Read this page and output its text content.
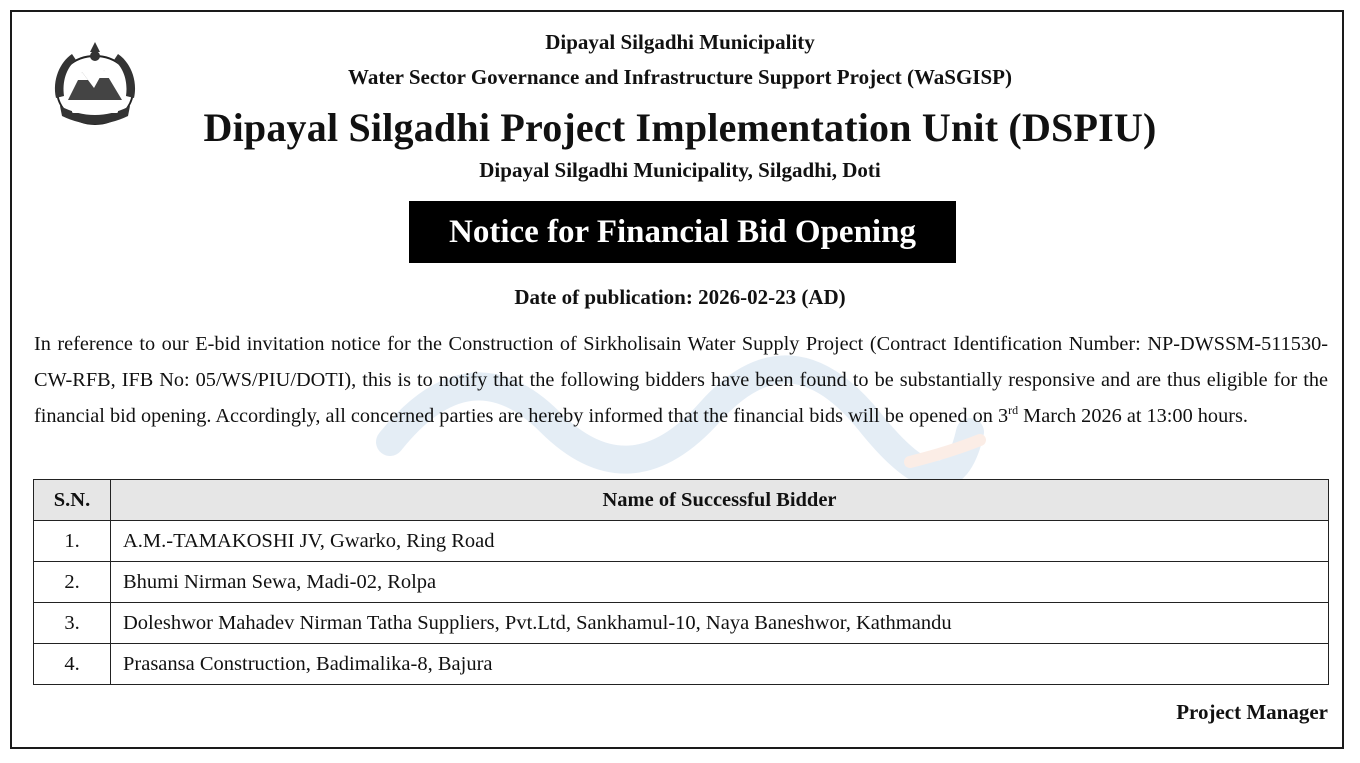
Dipayal Silgadhi Municipality
Water Sector Governance and Infrastructure Support Project (WaSGISP)
Dipayal Silgadhi Project Implementation Unit (DSPIU)
Dipayal Silgadhi Municipality, Silgadhi, Doti
Notice for Financial Bid Opening
Date of publication: 2026-02-23 (AD)
In reference to our E-bid invitation notice for the Construction of Sirkholisain Water Supply Project (Contract Identification Number: NP-DWSSM-511530-CW-RFB, IFB No: 05/WS/PIU/DOTI), this is to notify that the following bidders have been found to be substantially responsive and are thus eligible for the financial bid opening. Accordingly, all concerned parties are hereby informed that the financial bids will be opened on 3rd March 2026 at 13:00 hours.
S.N.	Name of Successful Bidder
1.	A.M.-TAMAKOSHI JV, Gwarko, Ring Road
2.	Bhumi Nirman Sewa, Madi-02, Rolpa
3.	Doleshwor Mahadev Nirman Tatha Suppliers, Pvt.Ltd, Sankhamul-10, Naya Baneshwor, Kathmandu
4.	Prasansa Construction, Badimalika-8, Bajura
Project Manager
